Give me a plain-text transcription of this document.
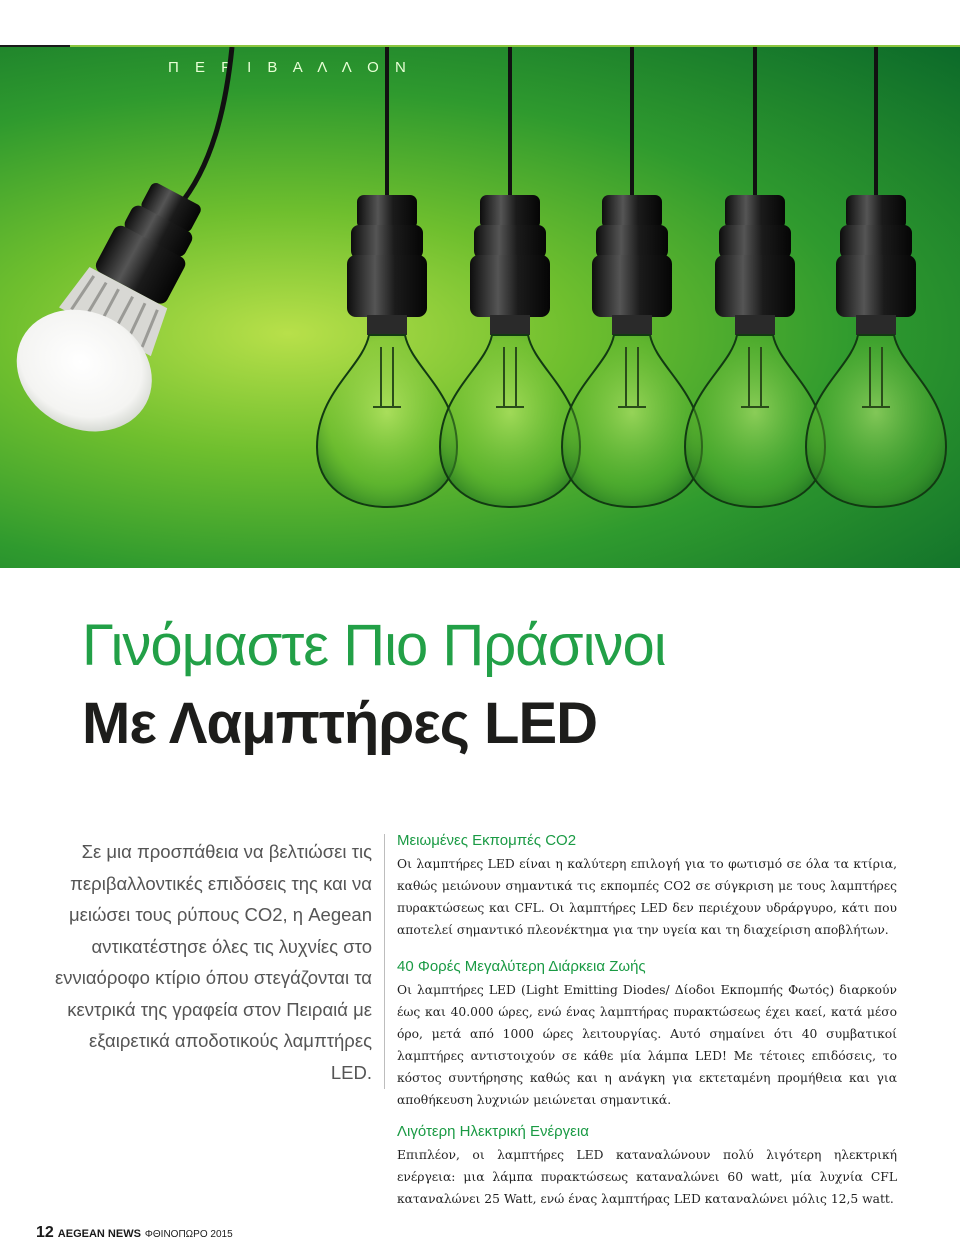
Π Ε Ρ Ι Β Α Λ Λ Ο Ν
Γινόμαστε Πιο Πράσινοι
Με Λαμπτήρες LED

Σε μια προσπάθεια να βελτιώσει τις περιβαλλοντικές επιδόσεις της και να μειώσει τους ρύπους CO2, η Aegean αντικατέστησε όλες τις λυχνίες στο εννιαόροφο κτίριο όπου στεγάζονται τα κεντρικά της γραφεία στον Πειραιά με εξαιρετικά αποδοτικούς λαμπτήρες LED.

Μειωμένες Εκπομπές CO2

Οι λαμπτήρες LED είναι η καλύτερη επιλογή για το φωτισμό σε όλα τα κτίρια, καθώς μειώνουν σημαντικά τις εκπομπές CO2 σε σύγκριση με τους λαμπτήρες πυρακτώσεως και CFL. Οι λαμπτήρες LED δεν περιέχουν υδράργυρο, κάτι που αποτελεί σημαντικό πλεονέκτημα για την υγεία και τη διαχείριση αποβλήτων.

40 Φορές Μεγαλύτερη Διάρκεια Ζωής

Οι λαμπτήρες LED (Light Emitting Diodes/ Δίοδοι Εκπομπής Φωτός) διαρκούν έως και 40.000 ώρες, ενώ ένας λαμπτήρας πυρακτώσεως έχει καεί, κατά μέσο όρο, μετά από 1000 ώρες λειτουργίας. Αυτό σημαίνει ότι 40 συμβατικοί λαμπτήρες αντιστοιχούν σε κάθε μία λάμπα LED! Με τέτοιες επιδόσεις, το κόστος συντήρησης καθώς και η ανάγκη για εκτεταμένη προμήθεια και για αποθήκευση λυχνιών μειώνεται σημαντικά.

Λιγότερη Ηλεκτρική Ενέργεια

Επιπλέον, οι λαμπτήρες LED καταναλώνουν πολύ λιγότερη ηλεκτρική ενέργεια: μια λάμπα πυρακτώσεως καταναλώνει 60 watt, μία λυχνία CFL καταναλώνει 25 Watt, ενώ ένας λαμπτήρας LED καταναλώνει μόλις 12,5 watt.

12 AEGEAN NEWS ΦΘΙΝΟΠΩΡΟ 2015
